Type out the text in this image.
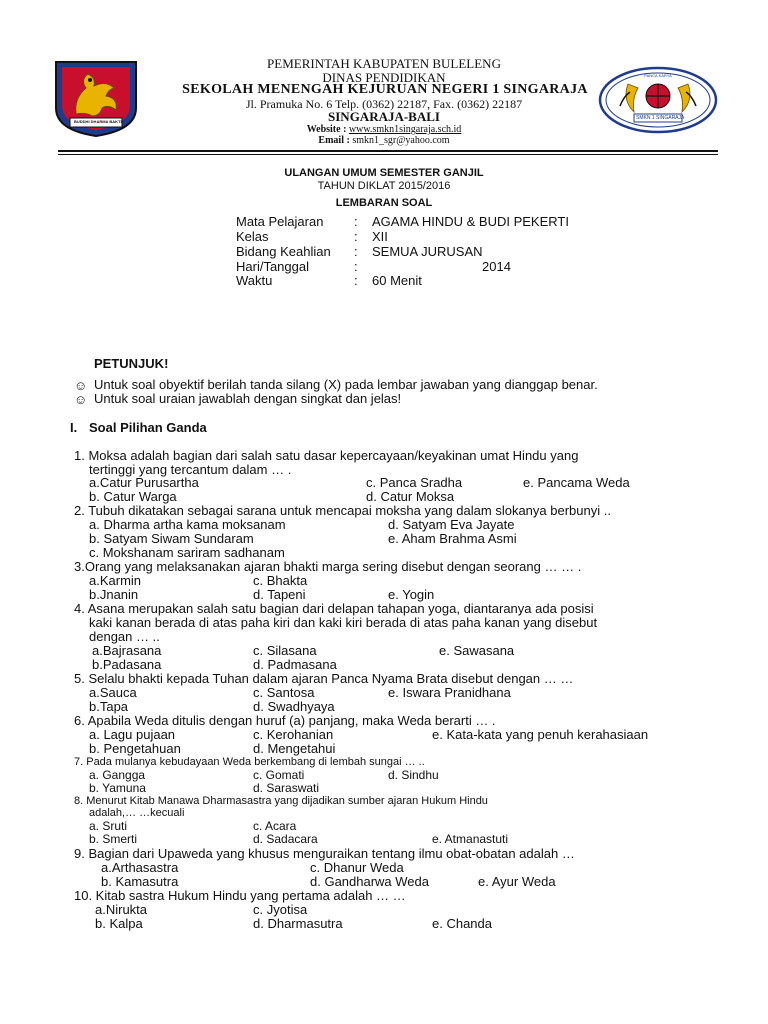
BUDDHI DHARMA BAKTI
PANCA KARYA
SMKN 1 SINGARAJA
PEMERINTAH KABUPATEN BULELENG
DINAS PENDIDIKAN
SEKOLAH MENENGAH KEJURUAN NEGERI 1 SINGARAJA
Jl. Pramuka No. 6 Telp. (0362) 22187, Fax. (0362) 22187
SINGARAJA-BALI
Website : www.smkn1singaraja.sch.id
Email : smkn1_sgr@yahoo.com
ULANGAN UMUM SEMESTER GANJIL
TAHUN DIKLAT 2015/2016
LEMBARAN SOAL
Mata Pelajaran : AGAMA HINDU & BUDI PEKERTI
Kelas	: XII
Bidang Keahlian : SEMUA JURUSAN
Hari/Tanggal	:	2014
Waktu	: 60 Menit
PETUNJUK!
☺ Untuk soal obyektif berilah tanda silang (X) pada lembar jawaban yang dianggap benar.
☺ Untuk soal uraian jawablah dengan singkat dan jelas!
I. Soal Pilihan Ganda
1. Moksa adalah bagian dari salah satu dasar kepercayaan/keyakinan umat Hindu yang
tertinggi yang tercantum dalam … .
a.Catur Purusartha	c. Panca Sradha	e. Pancama Weda
b. Catur Warga	d. Catur Moksa
2. Tubuh dikatakan sebagai sarana untuk mencapai moksha yang dalam slokanya berbunyi ..
a. Dharma artha kama moksanam	d. Satyam Eva Jayate
b. Satyam Siwam Sundaram	e. Aham Brahma Asmi
c. Mokshanam sariram sadhanam
3.Orang yang melaksanakan ajaran bhakti marga sering disebut dengan seorang … … .
a.Karmin	c. Bhakta
b.Jnanin	d. Tapeni	e. Yogin
4. Asana merupakan salah satu bagian dari delapan tahapan yoga, diantaranya ada posisi
kaki kanan berada di atas paha kiri dan kaki kiri berada di atas paha kanan yang disebut
dengan … ..
a.Bajrasana	c. Silasana	e. Sawasana
b.Padasana	d. Padmasana
5. Selalu bhakti kepada Tuhan dalam ajaran Panca Nyama Brata disebut dengan … …
a.Sauca	c. Santosa	e. Iswara Pranidhana
b.Tapa	d. Swadhyaya
6. Apabila Weda ditulis dengan huruf (a) panjang, maka Weda berarti … .
a. Lagu pujaan	c. Kerohanian	e. Kata-kata yang penuh kerahasiaan
b. Pengetahuan	d. Mengetahui
7. Pada mulanya kebudayaan Weda berkembang di lembah sungai … ..
a. Gangga	c. Gomati	d. Sindhu
b. Yamuna	d. Saraswati
8. Menurut Kitab Manawa Dharmasastra yang dijadikan sumber ajaran Hukum Hindu
adalah,… …kecuali
a. Sruti	c. Acara
b. Smerti	d. Sadacara	e. Atmanastuti
9. Bagian dari Upaweda yang khusus menguraikan tentang ilmu obat-obatan adalah …
a.Arthasastra	c. Dhanur Weda
b. Kamasutra	d. Gandharwa Weda	e. Ayur Weda
10. Kitab sastra Hukum Hindu yang pertama adalah … …
a.Nirukta	c. Jyotisa
b. Kalpa	d. Dharmasutra	e. Chanda
